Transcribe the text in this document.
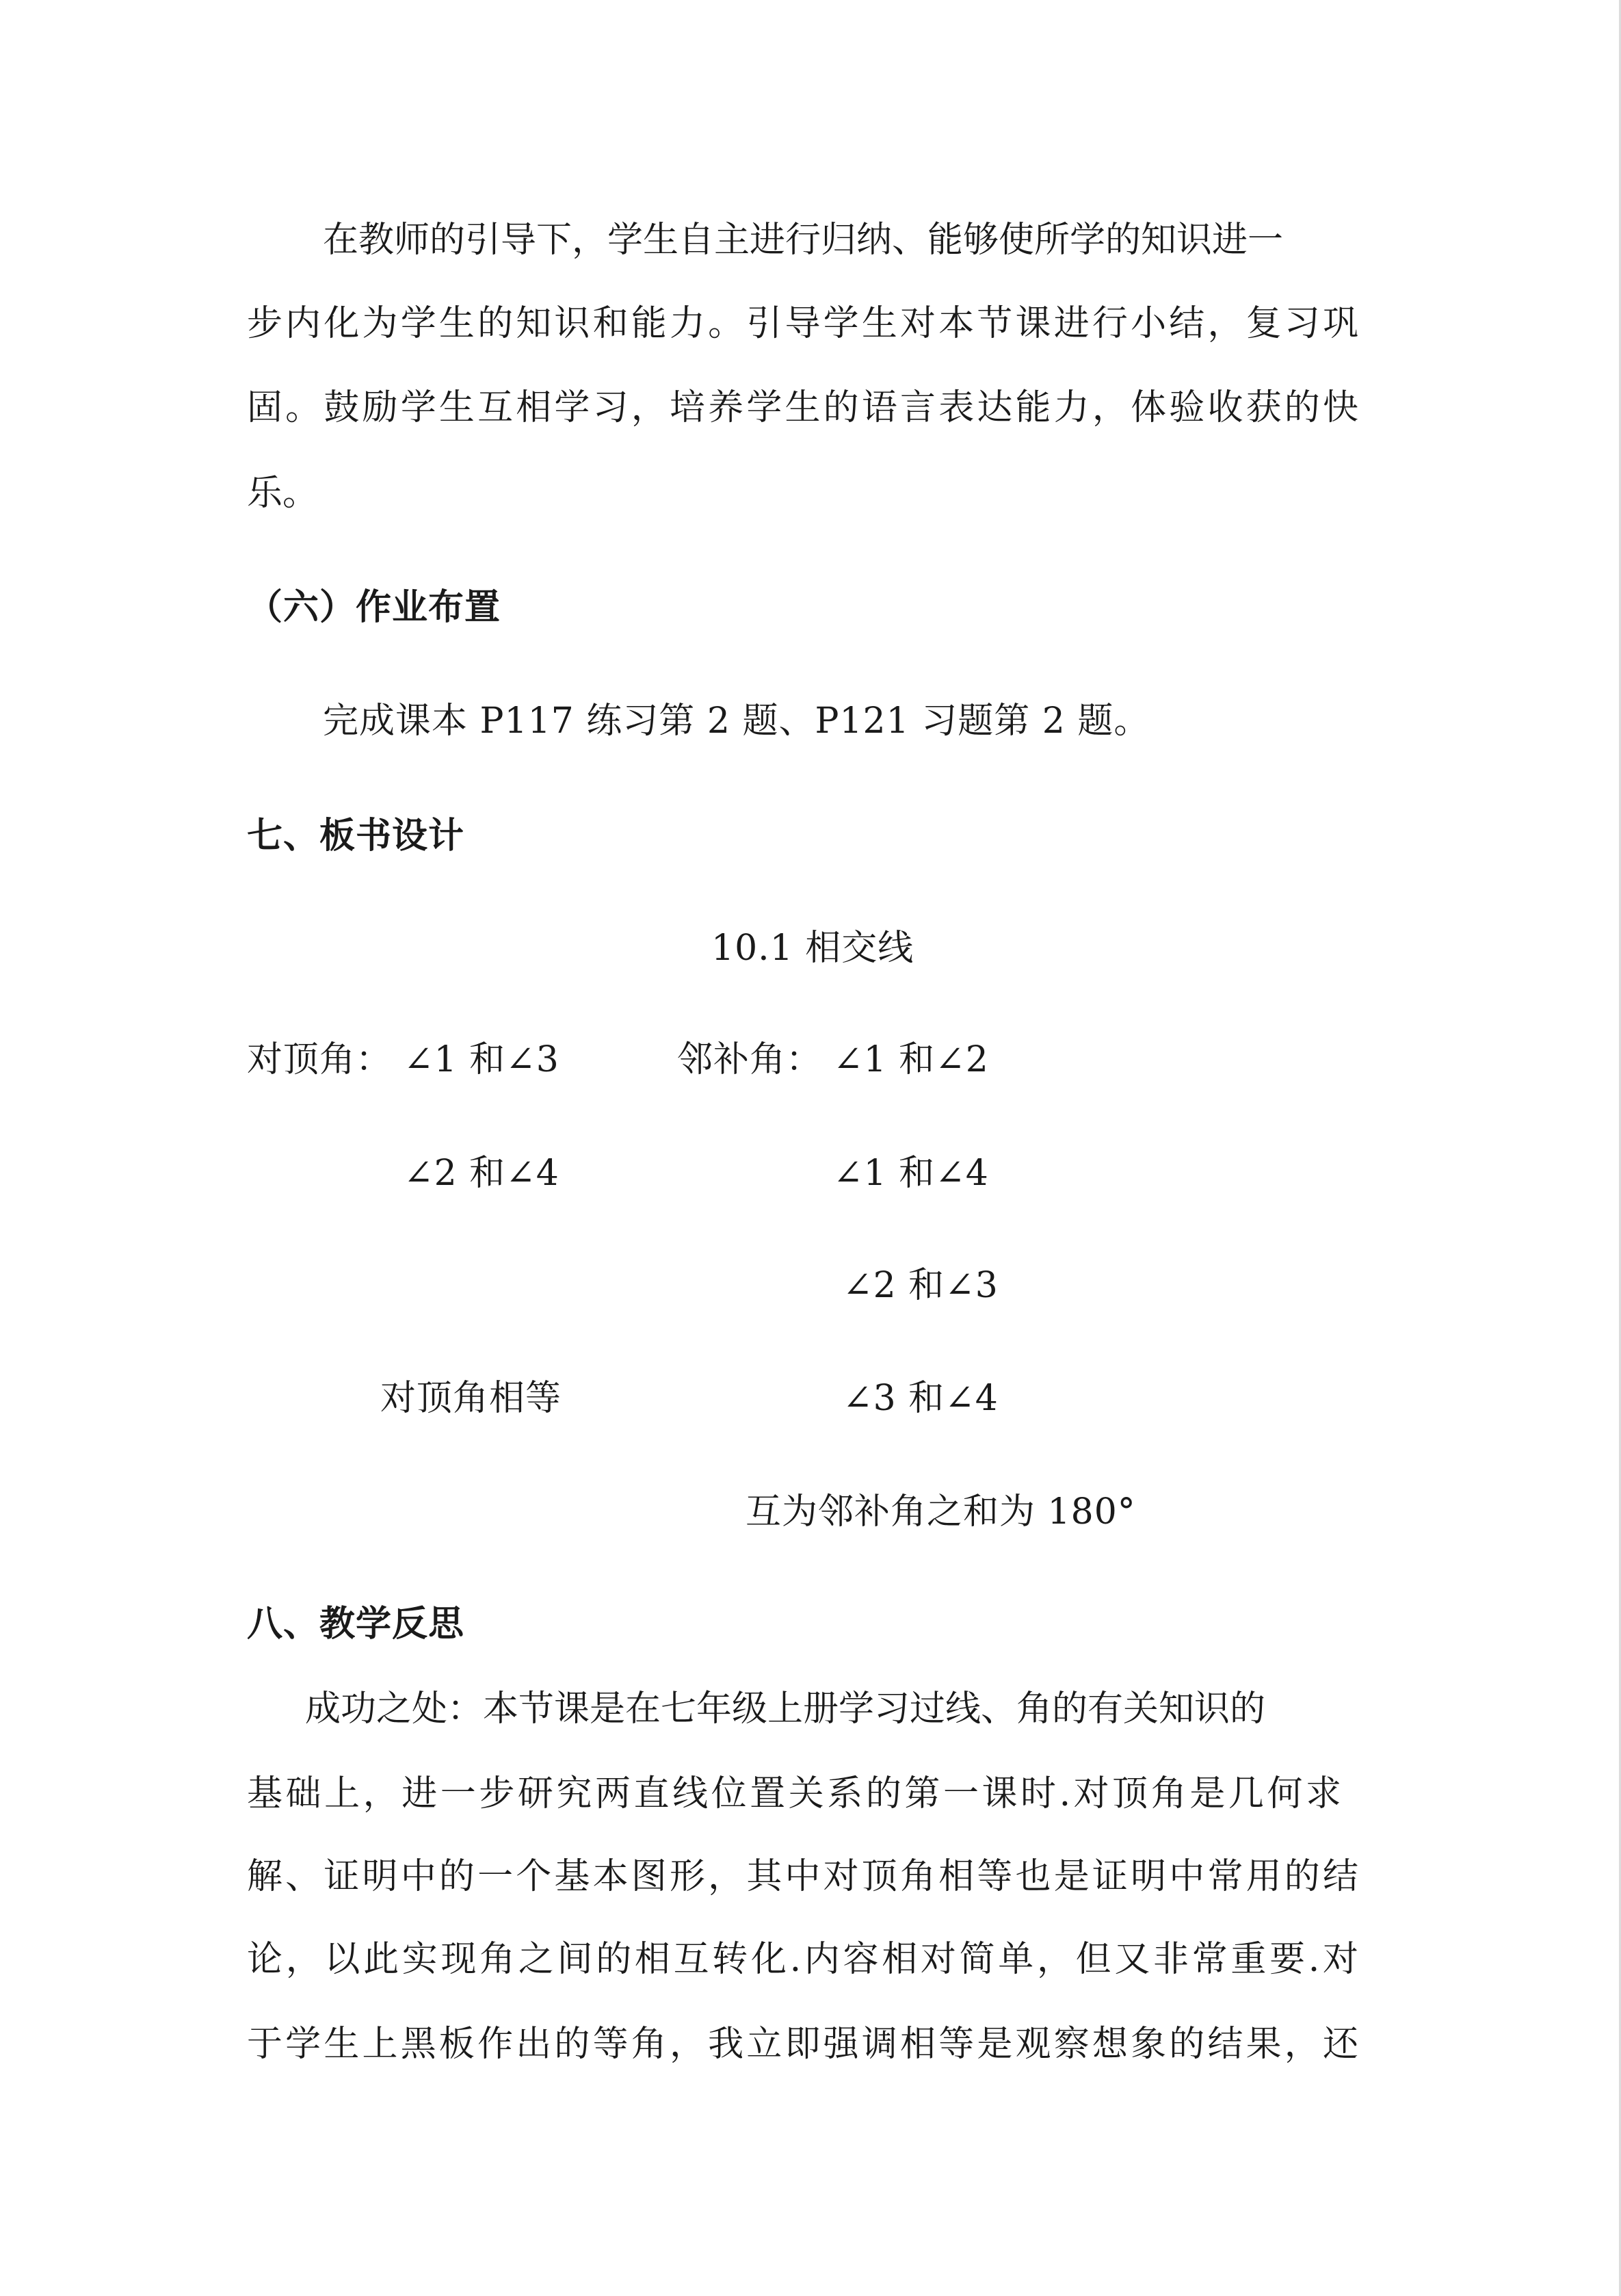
在教师的引导下，学生自主进行归纳、能够使所学的知识进一
步内化为学生的知识和能力。引导学生对本节课进行小结，复习巩
固。鼓励学生互相学习，培养学生的语言表达能力，体验收获的快
乐。
（六）作业布置
完成课本 P117 练习第 2 题、P121 习题第 2 题。
七、板书设计
10.1 相交线
对顶角： ∠1 和∠3
∠2 和∠4
对顶角相等
邻补角： ∠1 和∠2
∠1 和∠4
∠2 和∠3
∠3 和∠4
互为邻补角之和为 180°
八、教学反思
成功之处：本节课是在七年级上册学习过线、角的有关知识的
基础上，进一步研究两直线位置关系的第一课时.对顶角是几何求
解、证明中的一个基本图形，其中对顶角相等也是证明中常用的结
论，以此实现角之间的相互转化.内容相对简单，但又非常重要.对
于学生上黑板作出的等角，我立即强调相等是观察想象的结果，还
